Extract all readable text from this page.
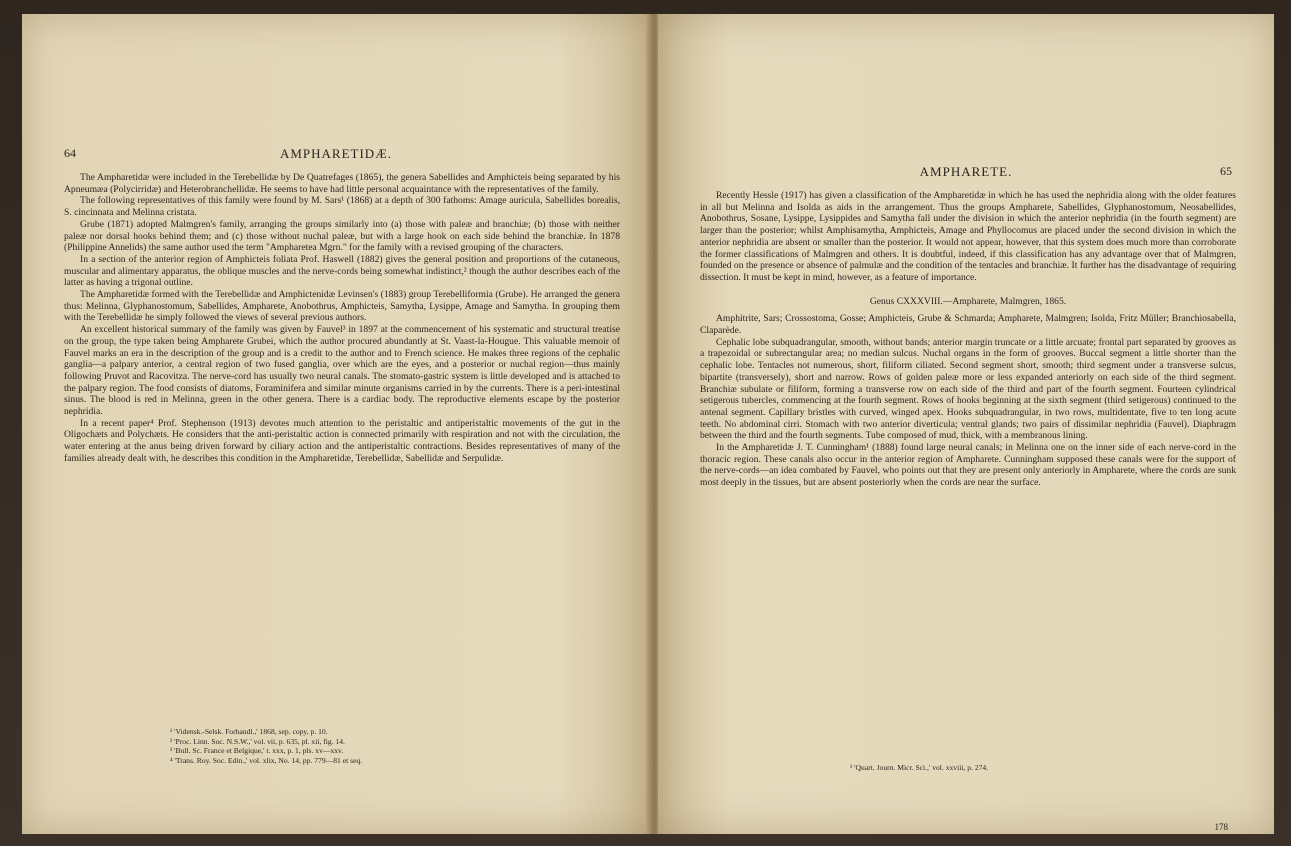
64	AMPHARETIDÆ.

The Ampharetidæ were included in the Terebellidæ by De Quatrefages (1865), the genera Sabellides and Amphicteis being separated by his Apneumæa (Polycirridæ) and Heterobranchellidæ. He seems to have had little personal acquaintance with the representatives of the family.

The following representatives of this family were found by M. Sars¹ (1868) at a depth of 300 fathoms: Amage auricula, Sabellides borealis, S. cincinnata and Melinna cristata.

Grube (1871) adopted Malmgren's family, arranging the groups similarly into (a) those with paleæ and branchiæ; (b) those with neither paleæ nor dorsal hooks behind them; and (c) those without nuchal paleæ, but with a large hook on each side behind the branchiæ. In 1878 (Philippine Annelids) the same author used the term "Ampharetea Mgrn." for the family with a revised grouping of the characters.

In a section of the anterior region of Amphicteis foliata Prof. Haswell (1882) gives the general position and proportions of the cutaneous, muscular and alimentary apparatus, the oblique muscles and the nerve-cords being somewhat indistinct,² though the author describes each of the latter as having a trigonal outline.

The Ampharetidæ formed with the Terebellidæ and Amphictenidæ Levinsen's (1883) group Terebelliformia (Grube). He arranged the genera thus: Melinna, Glyphanostomum, Sabellides, Ampharete, Anobothrus, Amphicteis, Samytha, Lysippe, Amage and Samytha. In grouping them with the Terebellidæ he simply followed the views of several previous authors.

An excellent historical summary of the family was given by Fauvel³ in 1897 at the commencement of his systematic and structural treatise on the group, the type taken being Ampharete Grubei, which the author procured abundantly at St. Vaast-la-Hougue. This valuable memoir of Fauvel marks an era in the description of the group and is a credit to the author and to French science. He makes three regions of the cephalic ganglia—a palpary anterior, a central region of two fused ganglia, over which are the eyes, and a posterior or nuchal region—thus mainly following Pruvot and Racovitza. The nerve-cord has usually two neural canals. The stomato-gastric system is little developed and is attached to the palpary region. The food consists of diatoms, Foraminifera and similar minute organisms carried in by the currents. There is a peri-intestinal sinus. The blood is red in Melinna, green in the other genera. There is a cardiac body. The reproductive elements escape by the posterior nephridia.

In a recent paper⁴ Prof. Stephenson (1913) devotes much attention to the peristaltic and antiperistaltic movements of the gut in the Oligochæts and Polychæts. He considers that the anti-peristaltic action is connected primarily with respiration and not with the circulation, the water entering at the anus being driven forward by ciliary action and the antiperistaltic contractions. Besides representatives of many of the families already dealt with, he describes this condition in the Ampharetidæ, Terebellidæ, Sabellidæ and Serpulidæ.

¹ 'Vidensk.-Selsk. Forhandl.,' 1868, sep. copy, p. 10.
² 'Proc. Linn. Soc. N.S.W.,' vol. vii, p. 635, pl. xii, fig. 14.
³ 'Bull. Sc. France et Belgique,' t. xxx, p. 1, pls. xv—xxv.
⁴ 'Trans. Roy. Soc. Edin.,' vol. xlix, No. 14, pp. 779—81 et seq.
AMPHARETE.	65

Recently Hessle (1917) has given a classification of the Ampharetidæ in which he has used the nephridia along with the older features in all but Melinna and Isolda as aids in the arrangement. Thus the groups Ampharete, Sabellides, Glyphanostomum, Neosabellides, Anobothrus, Sosane, Lysippe, Lysippides and Samytha fall under the division in which the anterior nephridia (in the fourth segment) are larger than the posterior; whilst Amphisamytha, Amphicteis, Amage and Phyllocomus are placed under the second division in which the anterior nephridia are absent or smaller than the posterior. It would not appear, however, that this system does much more than corroborate the former classifications of Malmgren and others. It is doubtful, indeed, if this classification has any advantage over that of Malmgren, founded on the presence or absence of palmulæ and the condition of the tentacles and branchiæ. It further has the disadvantage of requiring dissection. It must be kept in mind, however, as a feature of importance.

Genus CXXXVIII.—Ampharete, Malmgren, 1865.

Amphitrite, Sars; Crossostoma, Gosse; Amphicteis, Grube & Schmarda; Ampharete, Malmgren; Isolda, Fritz Müller; Branchiosabella, Claparède.

Cephalic lobe subquadrangular, smooth, without bands; anterior margin truncate or a little arcuate; frontal part separated by grooves as a trapezoidal or subrectangular area; no median sulcus. Nuchal organs in the form of grooves. Buccal segment a little shorter than the cephalic lobe. Tentacles not numerous, short, filiform ciliated. Second segment short, smooth; third segment under a transverse sulcus, bipartite (transversely), short and narrow. Rows of golden paleæ more or less expanded anteriorly on each side of the third segment. Branchiæ subulate or filiform, forming a transverse row on each side of the third and part of the fourth segment. Fourteen cylindrical setigerous tubercles, commencing at the fourth segment. Rows of hooks beginning at the sixth segment (third setigerous) continued to the antenal segment. Capillary bristles with curved, winged apex. Hooks subquadrangular, in two rows, multidentate, five to ten long acute teeth. No abdominal cirri. Stomach with two anterior diverticula; ventral glands; two pairs of dissimilar nephridia (Fauvel). Diaphragm between the third and the fourth segments. Tube composed of mud, thick, with a membranous lining.

In the Ampharetidæ J. T. Cunningham¹ (1888) found large neural canals; in Melinna one on the inner side of each nerve-cord in the thoracic region. These canals also occur in the anterior region of Ampharete. Cunningham supposed these canals were for the support of the nerve-cords—an idea combated by Fauvel, who points out that they are present only anteriorly in Ampharete, where the cords are sunk most deeply in the tissues, but are absent posteriorly when the cords are near the surface.

¹ 'Quart. Journ. Micr. Sci.,' vol. xxviii, p. 274.
178
